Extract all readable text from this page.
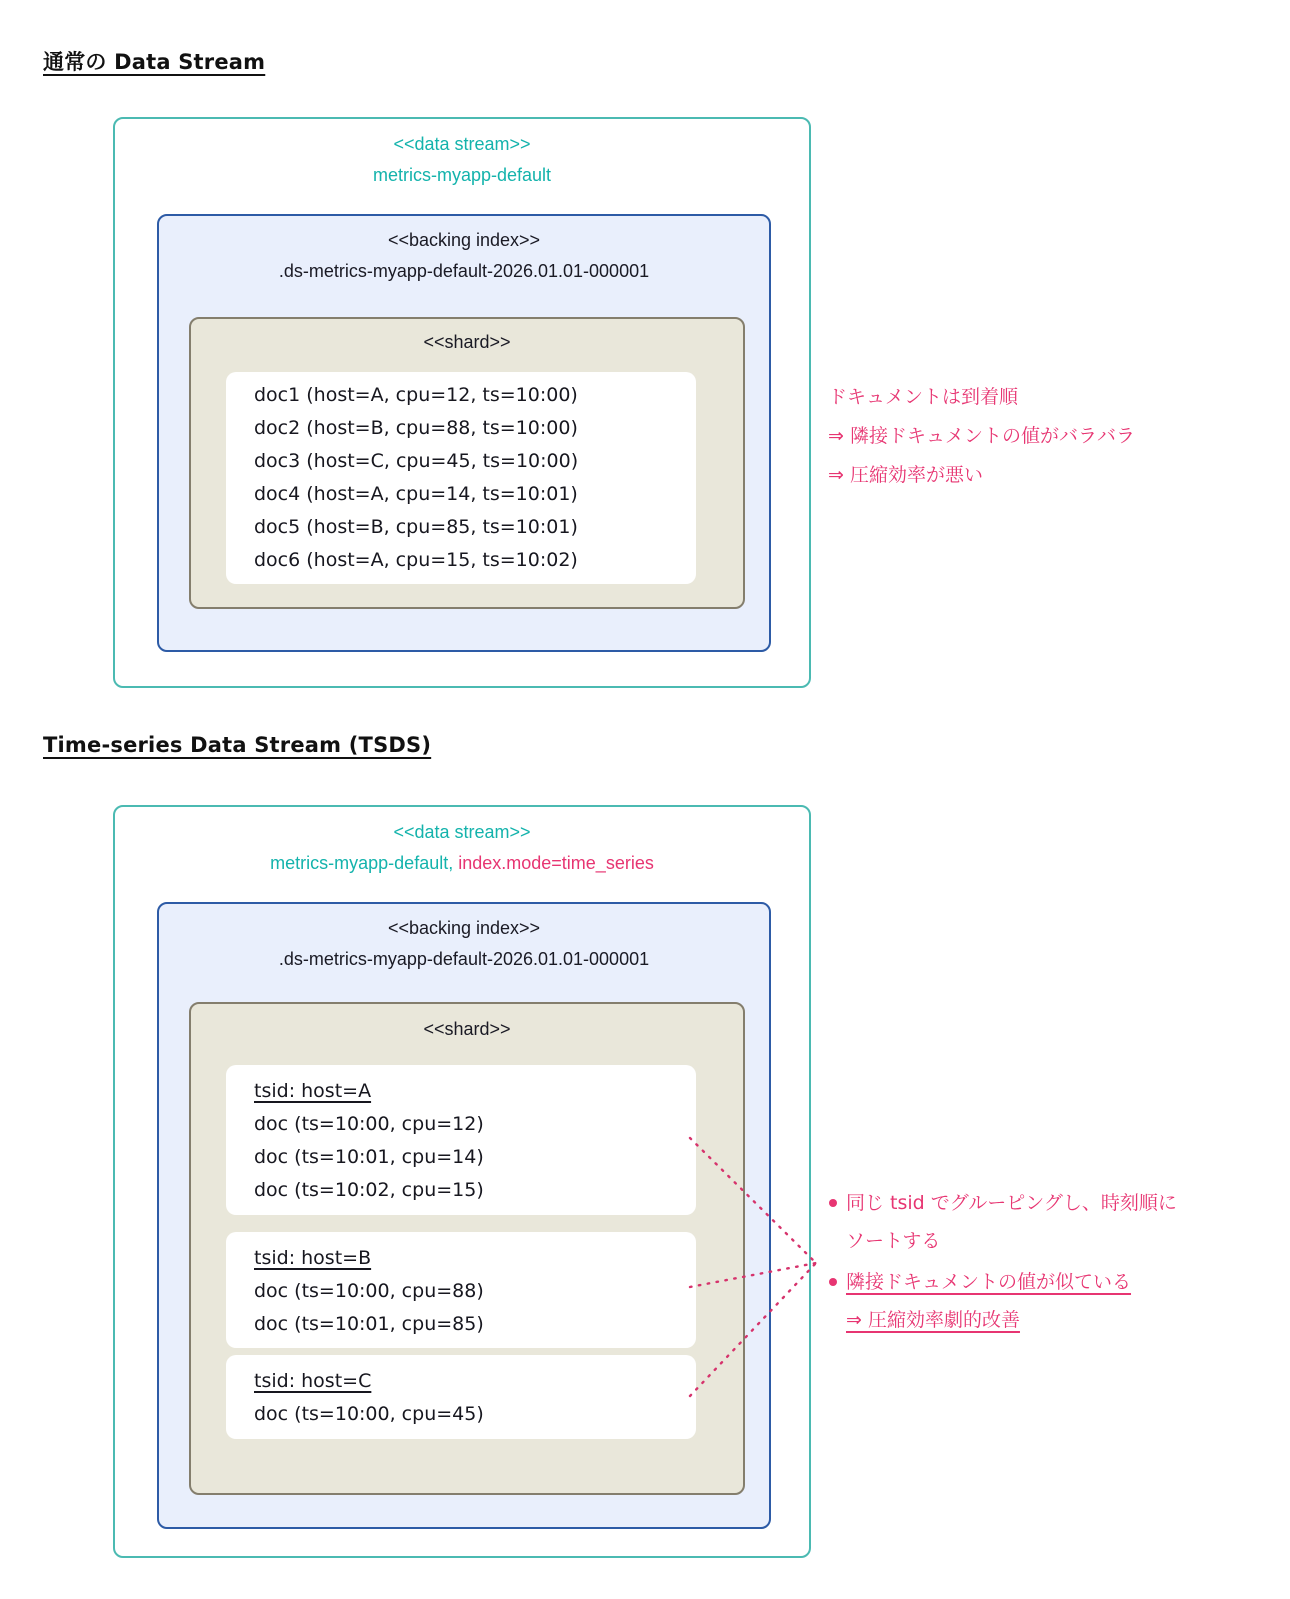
通常の Data Stream
<<data stream>>
metrics-myapp-default
<<backing index>>
.ds-metrics-myapp-default-2026.01.01-000001
<<shard>>
doc1 (host=A, cpu=12, ts=10:00)
doc2 (host=B, cpu=88, ts=10:00)
doc3 (host=C, cpu=45, ts=10:00)
doc4 (host=A, cpu=14, ts=10:01)
doc5 (host=B, cpu=85, ts=10:01)
doc6 (host=A, cpu=15, ts=10:02)
ドキュメントは到着順
⇒ 隣接ドキュメントの値がバラバラ
⇒ 圧縮効率が悪い
Time-series Data Stream (TSDS)
<<data stream>>
metrics-myapp-default, index.mode=time_series
<<backing index>>
.ds-metrics-myapp-default-2026.01.01-000001
<<shard>>
tsid: host=A
doc (ts=10:00, cpu=12)
doc (ts=10:01, cpu=14)
doc (ts=10:02, cpu=15)
tsid: host=B
doc (ts=10:00, cpu=88)
doc (ts=10:01, cpu=85)
tsid: host=C
doc (ts=10:00, cpu=45)
同じ tsid でグルーピングし、時刻順に
ソートする
隣接ドキュメントの値が似ている
⇒ 圧縮効率劇的改善
